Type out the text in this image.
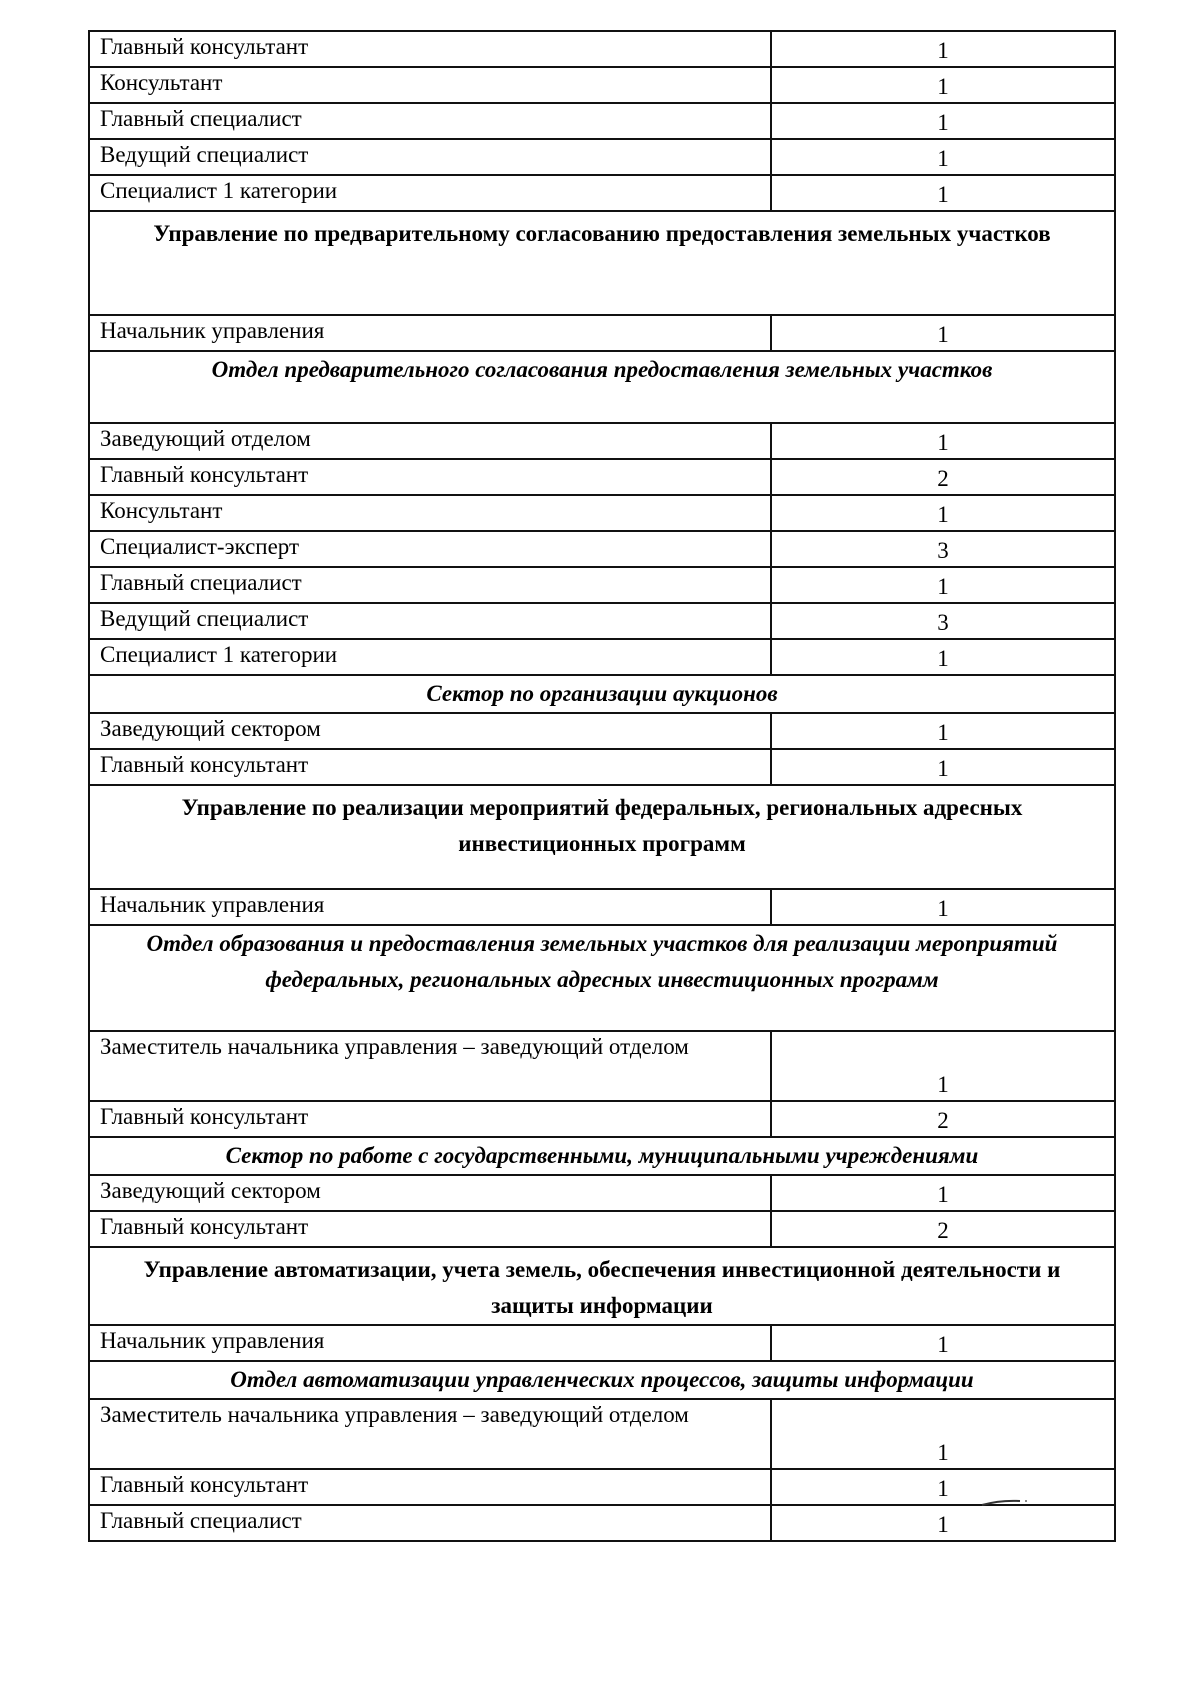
Главный консультант	1
Консультант	1
Главный специалист	1
Ведущий специалист	1
Специалист 1 категории	1
Управление по предварительному согласованию предоставления земельных участков	
Начальник управления	1
Отдел предварительного согласования предоставления земельных участков	
Заведующий отделом	1
Главный консультант	2
Консультант	1
Специалист-эксперт	3
Главный специалист	1
Ведущий специалист	3
Специалист 1 категории	1
Сектор по организации аукционов	
Заведующий сектором	1
Главный консультант	1
Управление по реализации мероприятий федеральных, региональных адресных инвестиционных программ	
Начальник управления	1
Отдел образования и предоставления земельных участков для реализации мероприятий федеральных, региональных адресных инвестиционных программ	
Заместитель начальника управления – заведующий отделом	1
Главный консультант	2
Сектор по работе с государственными, муниципальными учреждениями	
Заведующий сектором	1
Главный консультант	2
Управление автоматизации, учета земель, обеспечения инвестиционной деятельности и защиты информации	
Начальник управления	1
Отдел автоматизации управленческих процессов, защиты информации	
Заместитель начальника управления – заведующий отделом	1
Главный консультант	1
Главный специалист	1
